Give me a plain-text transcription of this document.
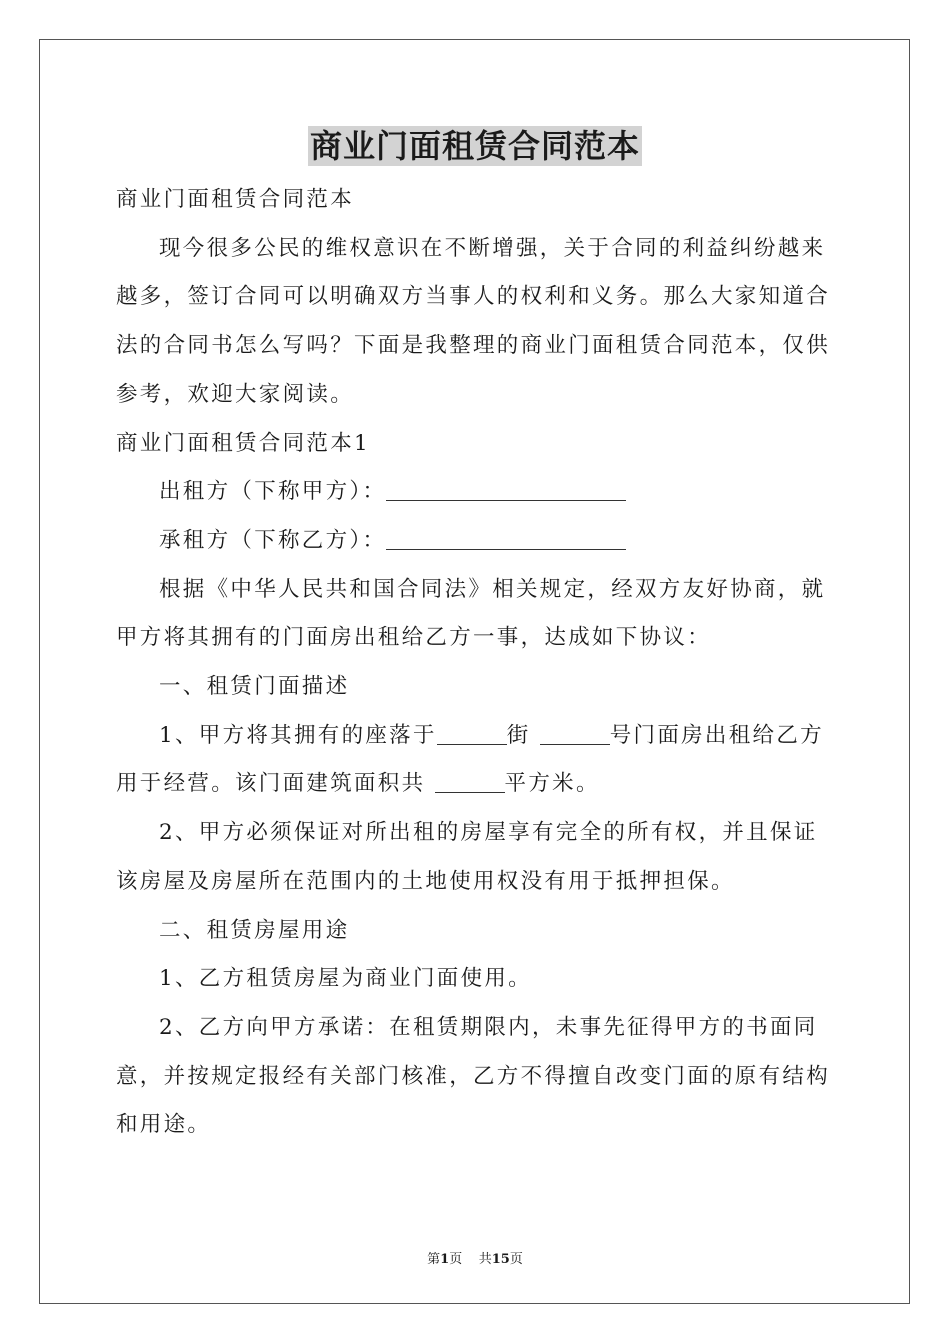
商业门面租赁合同范本

商业门面租赁合同范本

现今很多公民的维权意识在不断增强，关于合同的利益纠纷越来越多，签订合同可以明确双方当事人的权利和义务。那么大家知道合法的合同书怎么写吗？下面是我整理的商业门面租赁合同范本，仅供参考，欢迎大家阅读。

商业门面租赁合同范本1

出租方（下称甲方）：

承租方（下称乙方）：

根据《中华人民共和国合同法》相关规定，经双方友好协商，就甲方将其拥有的门面房出租给乙方一事，达成如下协议：

一、租赁门面描述

1、甲方将其拥有的座落于	街	号门面房出租给乙方用于经营。该门面建筑面积共	平方米。

2、甲方必须保证对所出租的房屋享有完全的所有权，并且保证该房屋及房屋所在范围内的土地使用权没有用于抵押担保。

二、租赁房屋用途

1、乙方租赁房屋为商业门面使用。

2、乙方向甲方承诺：在租赁期限内，未事先征得甲方的书面同意，并按规定报经有关部门核准，乙方不得擅自改变门面的原有结构和用途。

第1页 共15页
